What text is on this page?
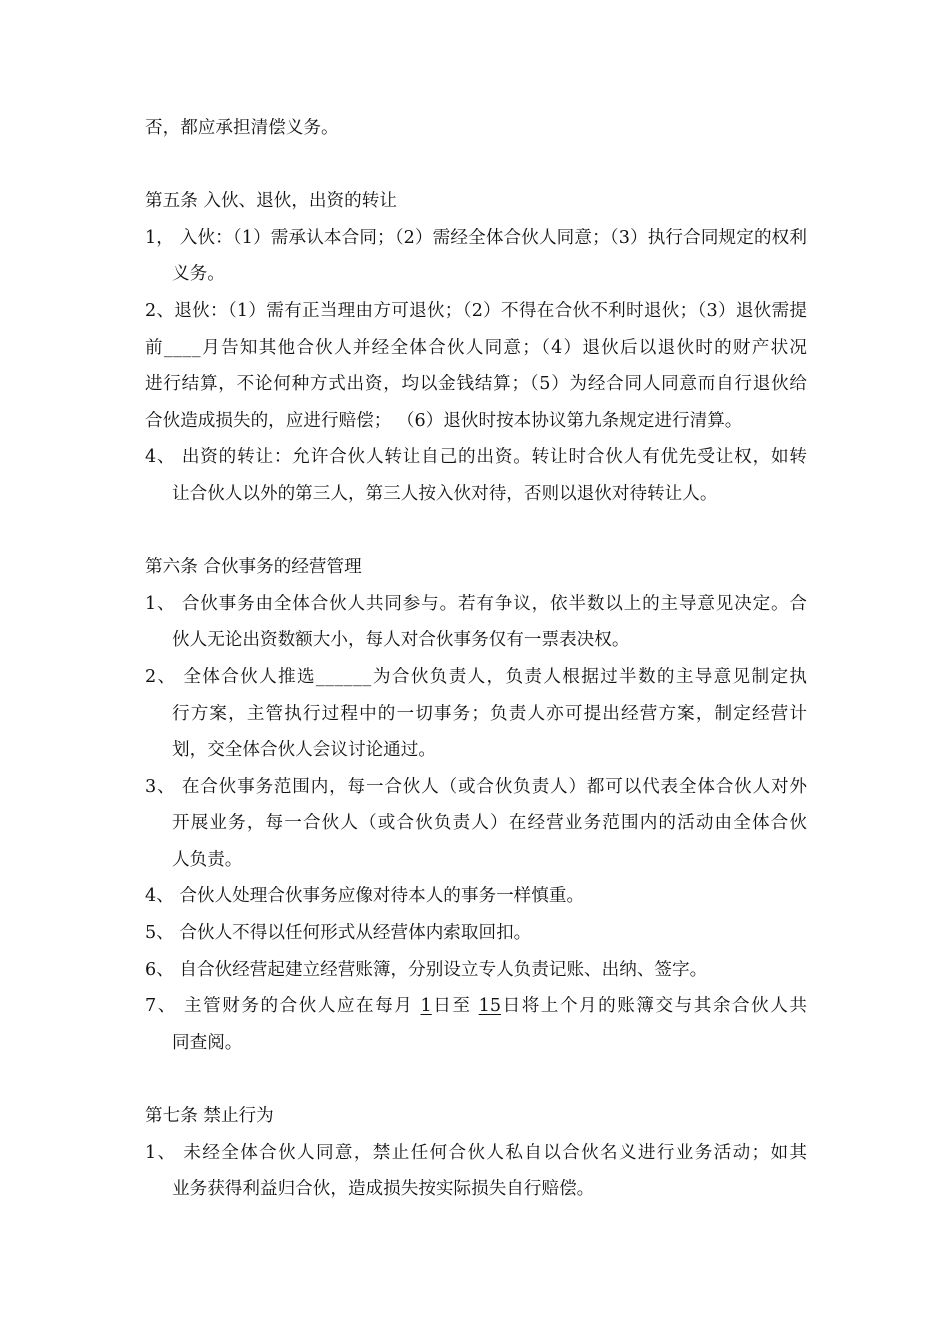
否，都应承担清偿义务。
第五条 入伙、退伙，出资的转让
1， 入伙：（1）需承认本合同；（2）需经全体合伙人同意；（3）执行合同规定的权利
义务。
2、退伙：（1）需有正当理由方可退伙；（2）不得在合伙不利时退伙；（3）退伙需提
前____月告知其他合伙人并经全体合伙人同意；（4）退伙后以退伙时的财产状况
进行结算，不论何种方式出资，均以金钱结算；（5）为经合同人同意而自行退伙给
合伙造成损失的，应进行赔偿； （6）退伙时按本协议第九条规定进行清算。
4、 出资的转让：允许合伙人转让自己的出资。转让时合伙人有优先受让权，如转
让合伙人以外的第三人，第三人按入伙对待，否则以退伙对待转让人。
第六条 合伙事务的经营管理
1、 合伙事务由全体合伙人共同参与。若有争议，依半数以上的主导意见决定。合
伙人无论出资数额大小，每人对合伙事务仅有一票表决权。
2、 全体合伙人推选______为合伙负责人，负责人根据过半数的主导意见制定执
行方案，主管执行过程中的一切事务；负责人亦可提出经营方案，制定经营计
划，交全体合伙人会议讨论通过。
3、 在合伙事务范围内，每一合伙人（或合伙负责人）都可以代表全体合伙人对外
开展业务，每一合伙人（或合伙负责人）在经营业务范围内的活动由全体合伙
人负责。
4、 合伙人处理合伙事务应像对待本人的事务一样慎重。
5、 合伙人不得以任何形式从经营体内索取回扣。
6、 自合伙经营起建立经营账簿，分别设立专人负责记账、出纳、签字。
7、 主管财务的合伙人应在每月 1日至 15日将上个月的账簿交与其余合伙人共
同查阅。
第七条 禁止行为
1、 未经全体合伙人同意，禁止任何合伙人私自以合伙名义进行业务活动；如其
业务获得利益归合伙，造成损失按实际损失自行赔偿。
